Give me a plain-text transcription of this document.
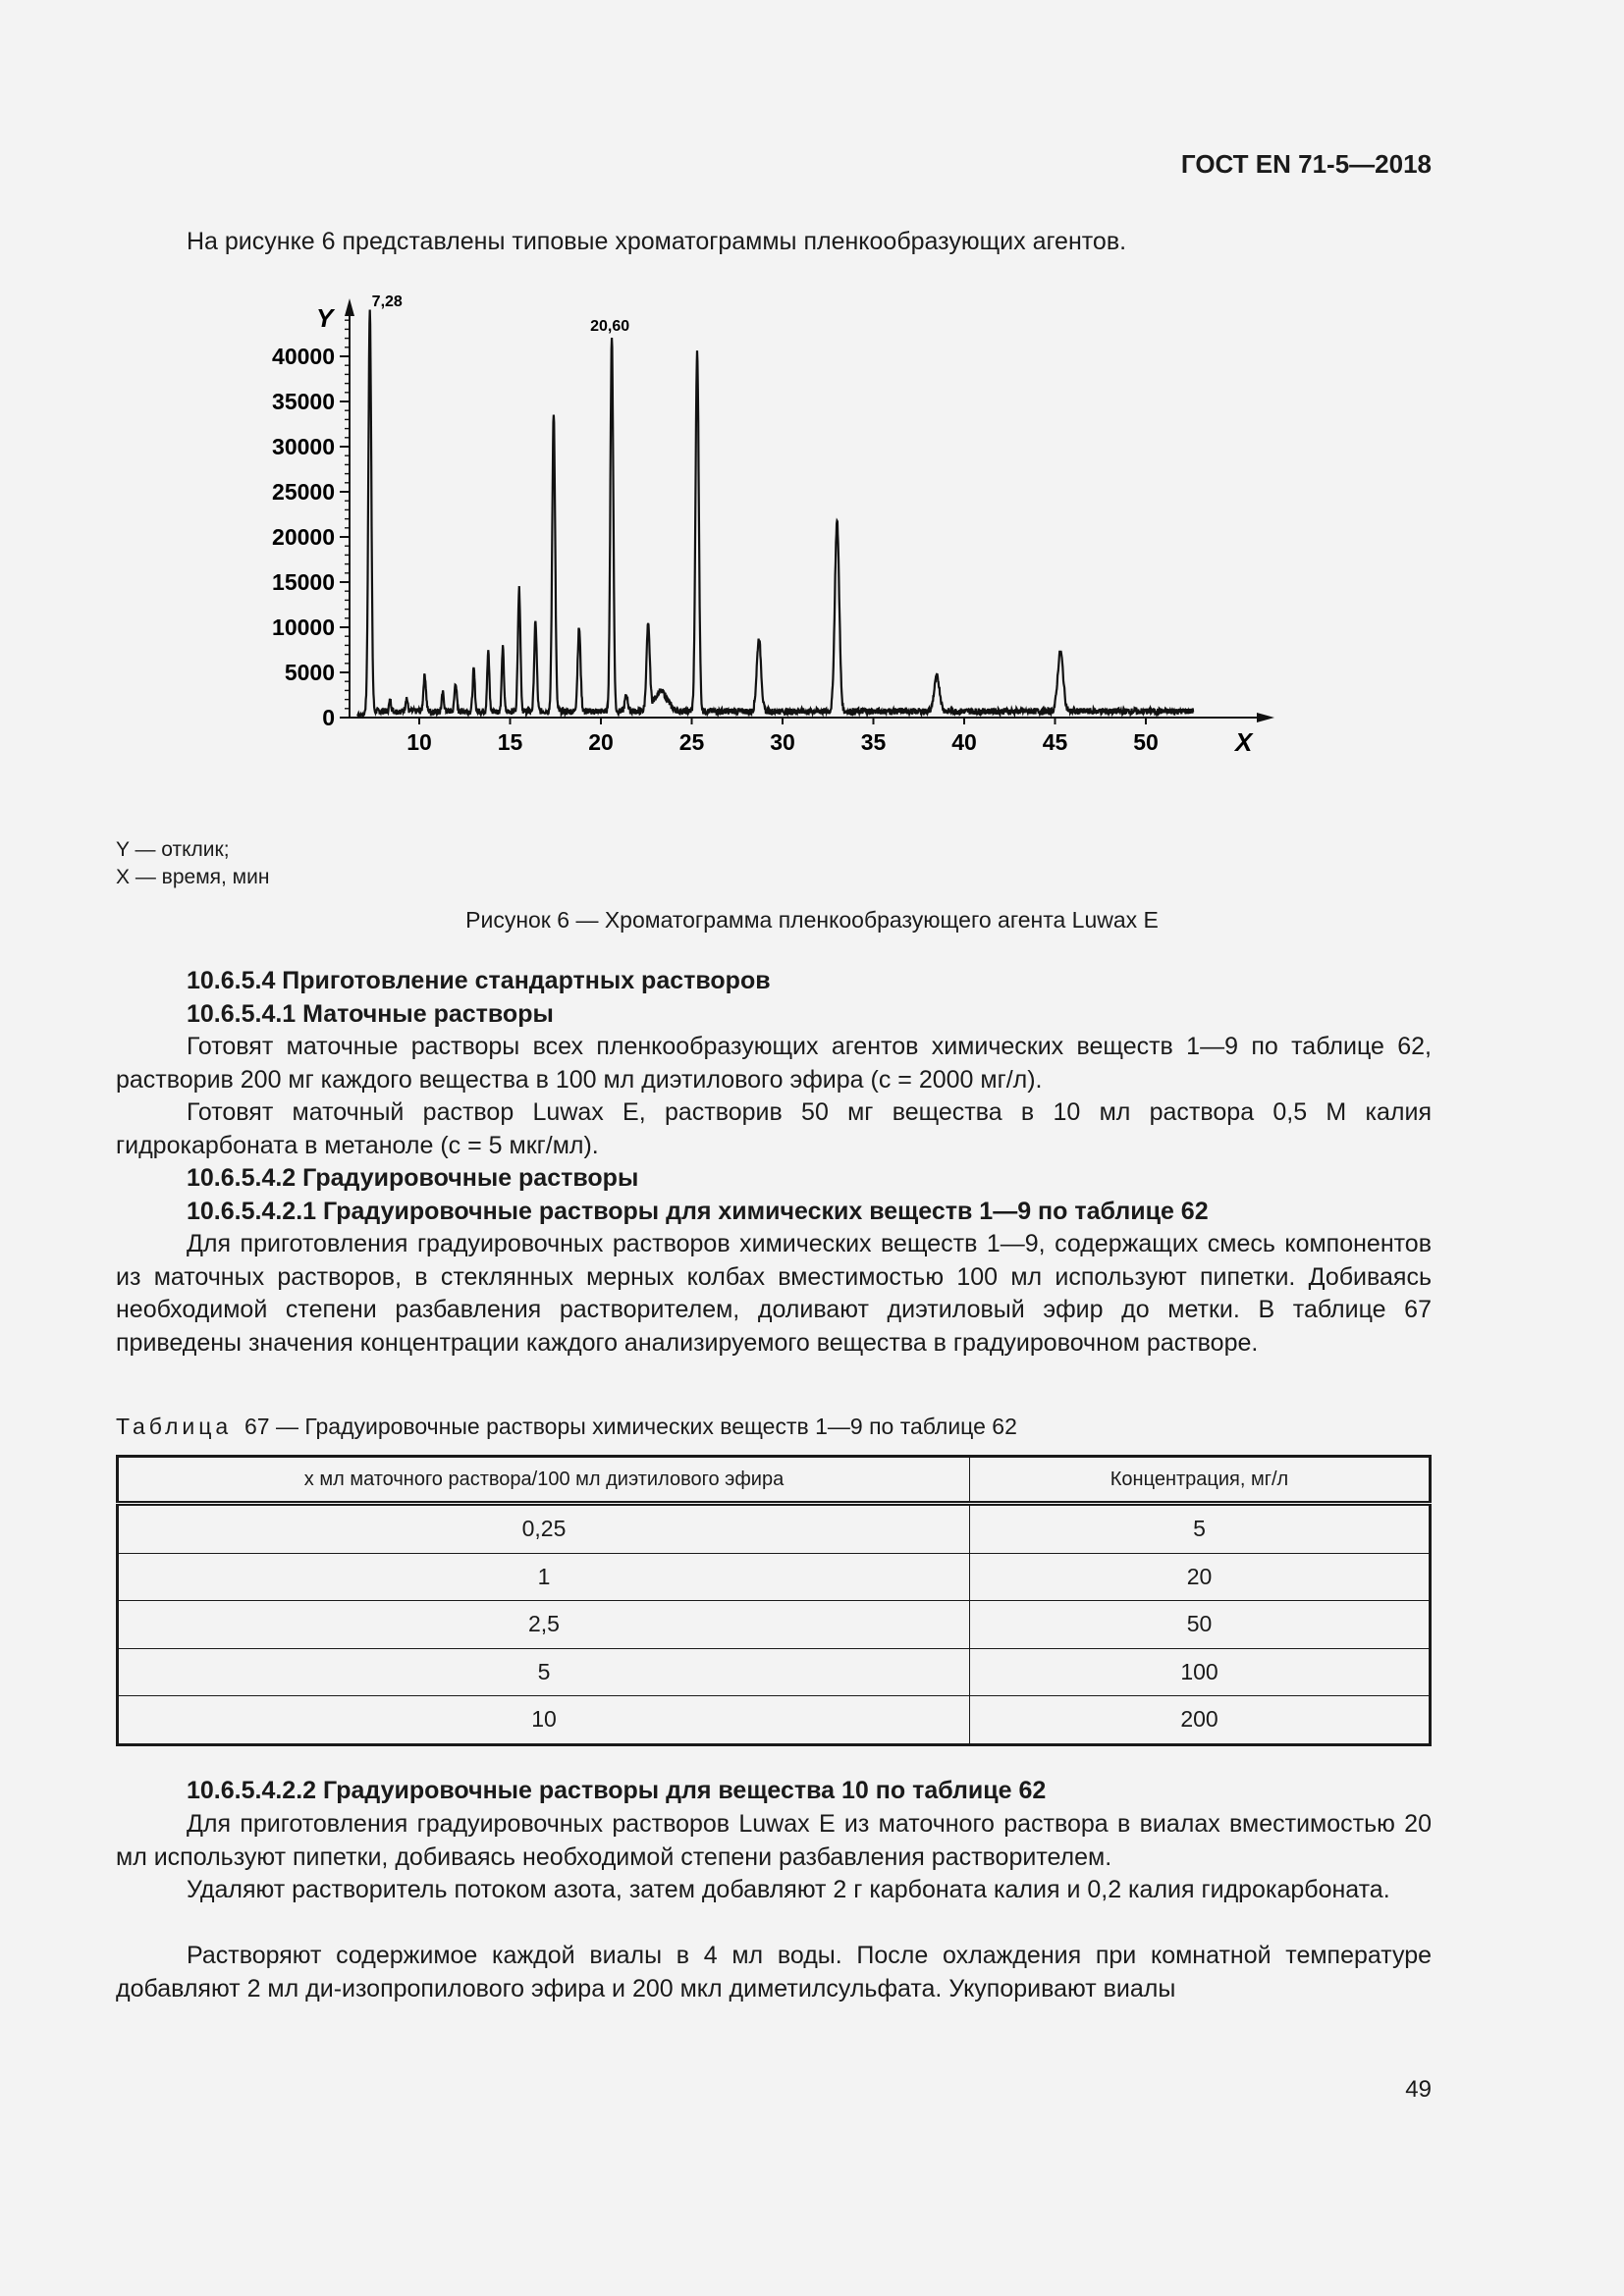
ГОСТ EN 71-5—2018

На рисунке 6 представлены типовые хроматограммы пленкообразующих агентов.

Y
X
0
5000
10000
15000
20000
25000
30000
35000
40000
10	15	20	25	30	35	40	45	50
7,28
20,60
Y — отклик;
X — время, мин
Рисунок 6 — Хроматограмма пленкообразующего агента Luwax E

10.6.5.4 Приготовление стандартных растворов

10.6.5.4.1 Маточные растворы

Готовят маточные растворы всех пленкообразующих агентов химических веществ 1—9 по таблице 62, растворив 200 мг каждого вещества в 100 мл диэтилового эфира (c = 2000 мг/л).

Готовят маточный раствор Luwax E, растворив 50 мг вещества в 10 мл раствора 0,5 М калия гидрокарбоната в метаноле (c = 5 мкг/мл).

10.6.5.4.2 Градуировочные растворы

10.6.5.4.2.1 Градуировочные растворы для химических веществ 1—9 по таблице 62

Для приготовления градуировочных растворов химических веществ 1—9, содержащих смесь компонентов из маточных растворов, в стеклянных мерных колбах вместимостью 100 мл используют пипетки. Добиваясь необходимой степени разбавления растворителем, доливают диэтиловый эфир до метки. В таблице 67 приведены значения концентрации каждого анализируемого вещества в градуировочном растворе.

Таблица 67 — Градуировочные растворы химических веществ 1—9 по таблице 62
x мл маточного раствора/100 мл диэтилового эфира	Концентрация, мг/л
0,25	5
1	20
2,5	50
5	100
10	200

10.6.5.4.2.2 Градуировочные растворы для вещества 10 по таблице 62

Для приготовления градуировочных растворов Luwax E из маточного раствора в виалах вместимостью 20 мл используют пипетки, добиваясь необходимой степени разбавления растворителем.

Удаляют растворитель потоком азота, затем добавляют 2 г карбоната калия и 0,2 калия гидрокарбоната.

Растворяют содержимое каждой виалы в 4 мл воды. После охлаждения при комнатной температуре добавляют 2 мл ди-изопропилового эфира и 200 мкл диметилсульфата. Укупоривают виалы

49
